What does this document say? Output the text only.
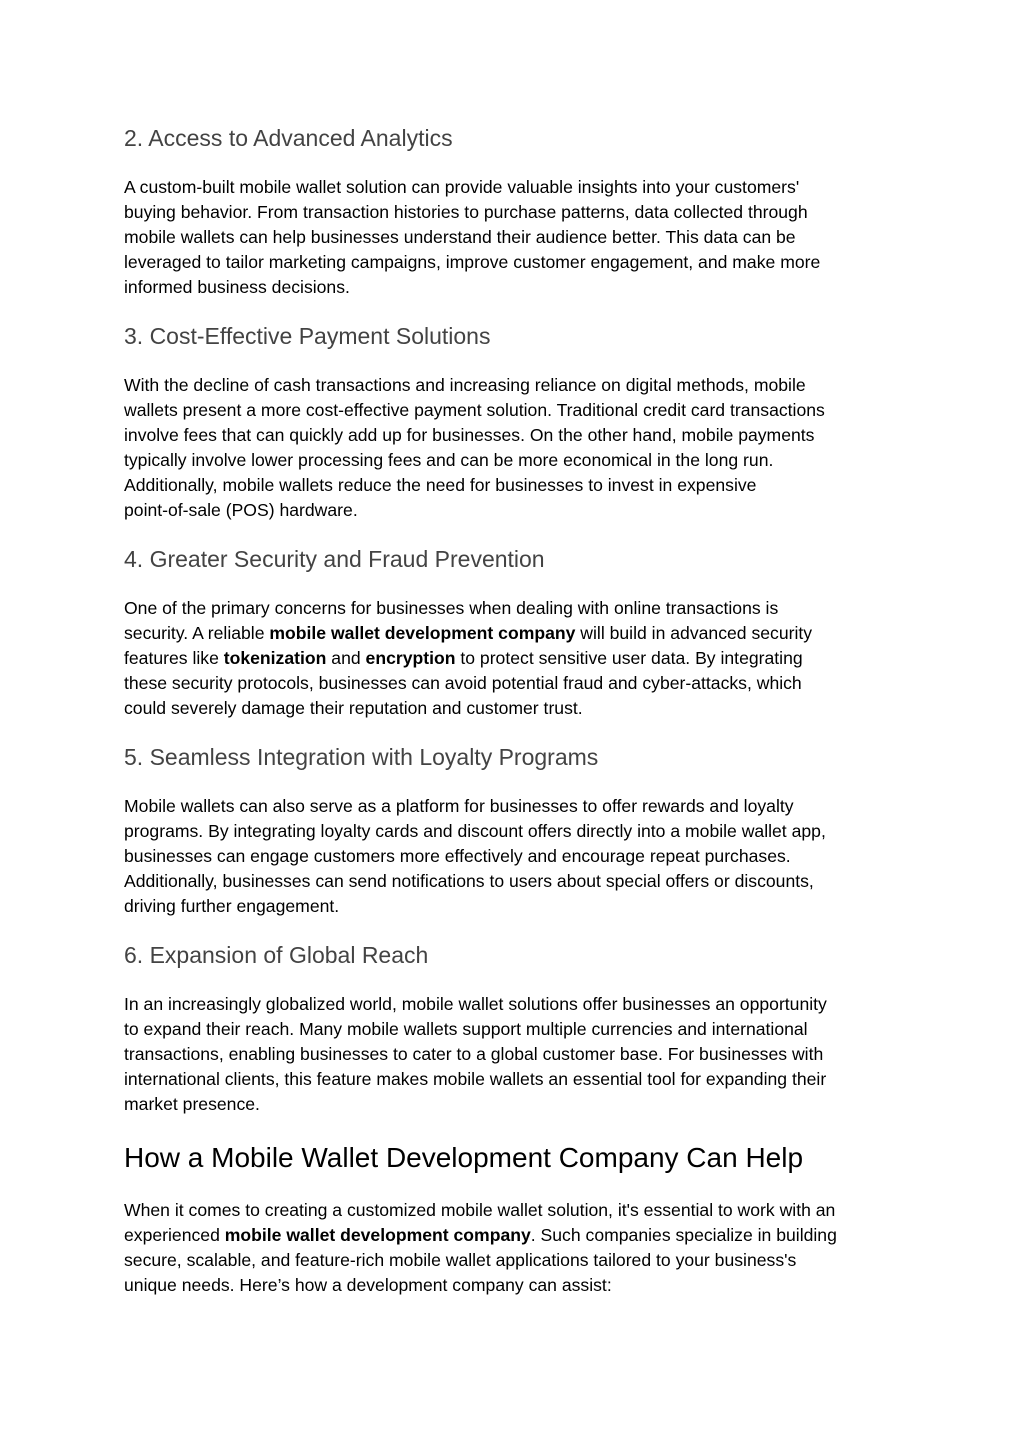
2. Access to Advanced Analytics

A custom-built mobile wallet solution can provide valuable insights into your customers'
buying behavior. From transaction histories to purchase patterns, data collected through
mobile wallets can help businesses understand their audience better. This data can be
leveraged to tailor marketing campaigns, improve customer engagement, and make more
informed business decisions.

3. Cost-Effective Payment Solutions

With the decline of cash transactions and increasing reliance on digital methods, mobile
wallets present a more cost-effective payment solution. Traditional credit card transactions
involve fees that can quickly add up for businesses. On the other hand, mobile payments
typically involve lower processing fees and can be more economical in the long run.
Additionally, mobile wallets reduce the need for businesses to invest in expensive
point-of-sale (POS) hardware.

4. Greater Security and Fraud Prevention

One of the primary concerns for businesses when dealing with online transactions is
security. A reliable mobile wallet development company will build in advanced security
features like tokenization and encryption to protect sensitive user data. By integrating
these security protocols, businesses can avoid potential fraud and cyber-attacks, which
could severely damage their reputation and customer trust.

5. Seamless Integration with Loyalty Programs

Mobile wallets can also serve as a platform for businesses to offer rewards and loyalty
programs. By integrating loyalty cards and discount offers directly into a mobile wallet app,
businesses can engage customers more effectively and encourage repeat purchases.
Additionally, businesses can send notifications to users about special offers or discounts,
driving further engagement.

6. Expansion of Global Reach

In an increasingly globalized world, mobile wallet solutions offer businesses an opportunity
to expand their reach. Many mobile wallets support multiple currencies and international
transactions, enabling businesses to cater to a global customer base. For businesses with
international clients, this feature makes mobile wallets an essential tool for expanding their
market presence.

How a Mobile Wallet Development Company Can Help

When it comes to creating a customized mobile wallet solution, it's essential to work with an
experienced mobile wallet development company. Such companies specialize in building
secure, scalable, and feature-rich mobile wallet applications tailored to your business's
unique needs. Here’s how a development company can assist:
